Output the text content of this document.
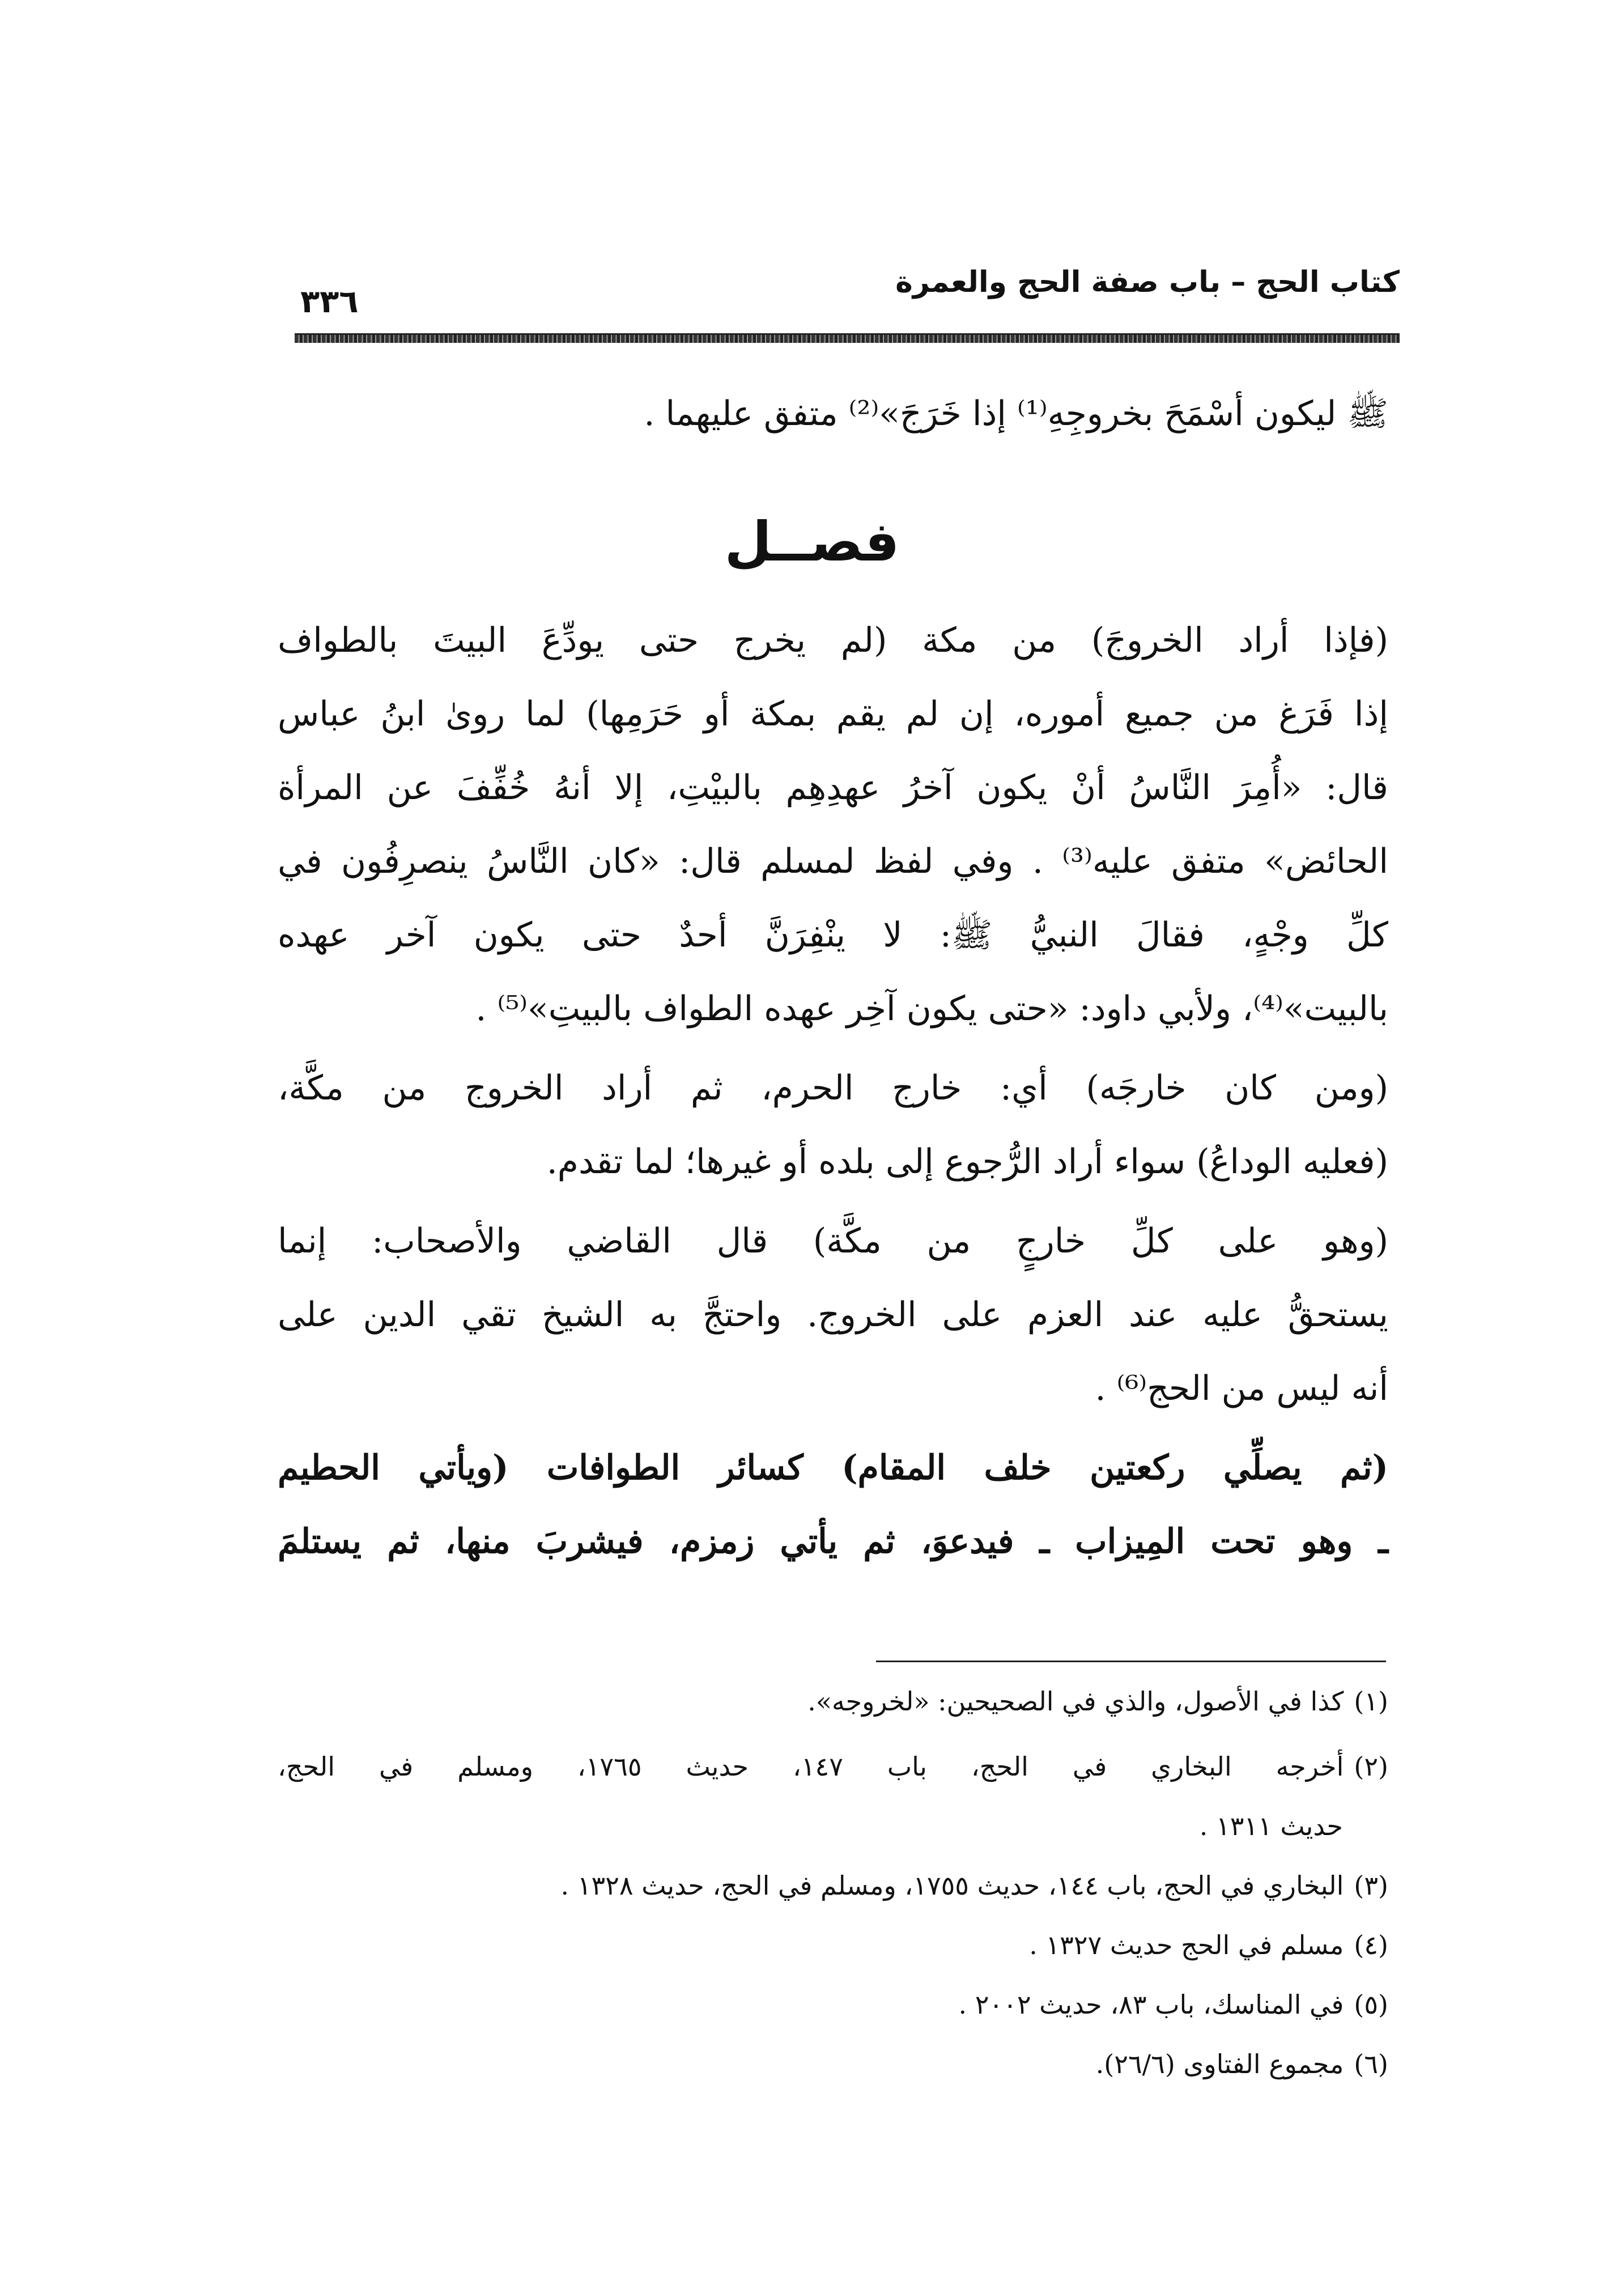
كتاب الحج – باب صفة الحج والعمرة
٣٣٦
ﷺ ليكون أسْمَحَ بخروجِهِ⁽¹⁾ إذا خَرَجَ»⁽²⁾ متفق عليهما .
فصــل
(فإذا أراد الخروجَ) من مكة (لم يخرج حتى يودِّعَ البيتَ بالطواف
إذا فَرَغ من جميع أموره، إن لم يقم بمكة أو حَرَمِها) لما روىٰ ابنُ عباس
قال: «أُمِرَ النَّاسُ أنْ يكون آخرُ عهدِهِم بالبيْتِ، إلا أنهُ خُفِّفَ عن المرأة
الحائض» متفق عليه⁽³⁾ . وفي لفظ لمسلم قال: «كان النَّاسُ ينصرِفُون في
كلِّ وجْهٍ، فقالَ النبيُّ ﷺ: لا ينْفِرَنَّ أحدٌ حتى يكون آخر عهده
بالبيت»⁽⁴⁾، ولأبي داود: «حتى يكون آخِر عهده الطواف بالبيتِ»⁽⁵⁾ .
(ومن كان خارجَه) أي: خارج الحرم، ثم أراد الخروج من مكَّة،
(فعليه الوداعُ) سواء أراد الرُّجوع إلى بلده أو غيرها؛ لما تقدم.
(وهو على كلِّ خارجٍ من مكَّة) قال القاضي والأصحاب: إنما
يستحقُّ عليه عند العزم على الخروج. واحتجَّ به الشيخ تقي الدين على
أنه ليس من الحج⁽⁶⁾ .
(ثم يصلِّي ركعتين خلف المقام) كسائر الطوافات (ويأتي الحطيم
ـ وهو تحت المِيزاب ـ فيدعوَ، ثم يأتي زمزم، فيشربَ منها، ثم يستلمَ
(١)كذا في الأصول، والذي في الصحيحين: «لخروجه».
(٢)أخرجه البخاري في الحج، باب ١٤٧، حديث ١٧٦٥، ومسلم في الحج،
حديث ١٣١١ .
(٣)البخاري في الحج، باب ١٤٤، حديث ١٧٥٥، ومسلم في الحج، حديث ١٣٢٨ .
(٤)مسلم في الحج حديث ١٣٢٧ .
(٥)في المناسك، باب ٨٣، حديث ٢٠٠٢ .
(٦)مجموع الفتاوى (٢٦/٦).
